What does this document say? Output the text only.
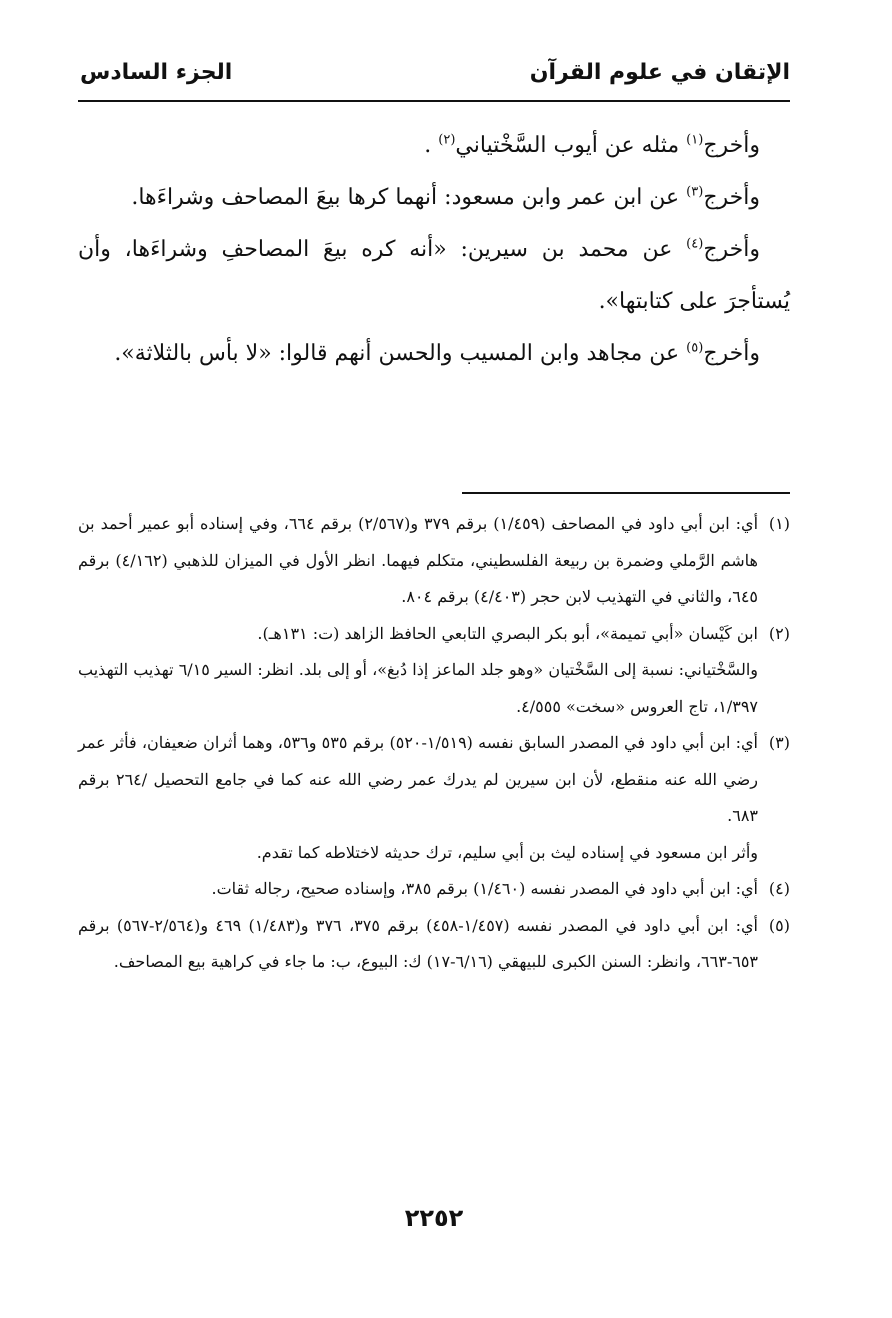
الإتقان في علوم القرآن
الجزء السادس

وأخرج$^{(١)}$ مثله عن أيوب السَّخْتياني$^{(٢)}$ .

وأخرج$^{(٣)}$ عن ابن عمر وابن مسعود: أنهما كرها بيعَ المصاحف وشراءَها.

وأخرج$^{(٤)}$ عن محمد بن سيرين: «أنه كره بيعَ المصاحفِ وشراءَها، وأن يُستأجرَ على كتابتها».

وأخرج$^{(٥)}$ عن مجاهد وابن المسيب والحسن أنهم قالوا: «لا بأس بالثلاثة».

(١)
أي: ابن أبي داود في المصاحف (١/٤٥٩) برقم ٣٧٩ و(٢/٥٦٧) برقم ٦٦٤، وفي إسناده أبو عمير أحمد بن هاشم الرَّملي وضمرة بن ربيعة الفلسطيني، متكلم فيهما. انظر الأول في الميزان للذهبي (٤/١٦٢) برقم ٦٤٥، والثاني في التهذيب لابن حجر (٤/٤٠٣) برقم ٨٠٤.
(٢)
ابن كَيْسان «أبي تميمة»، أبو بكر البصري التابعي الحافظ الزاهد (ت: ١٣١هـ).
والسَّخْتياني: نسبة إلى السَّخْتيان «وهو جلد الماعز إذا دُبغ»، أو إلى بلد. انظر: السير ٦/١٥ تهذيب التهذيب ١/٣٩٧، تاج العروس «سخت» ٤/٥٥٥.
(٣)
أي: ابن أبي داود في المصدر السابق نفسه (١/٥١٩-٥٢٠) برقم ٥٣٥ و٥٣٦، وهما أثران ضعيفان، فأثر عمر رضي الله عنه منقطع، لأن ابن سيرين لم يدرك عمر رضي الله عنه كما في جامع التحصيل /٢٦٤ برقم ٦٨٣.
وأثر ابن مسعود في إسناده ليث بن أبي سليم، ترك حديثه لاختلاطه كما تقدم.
(٤)
أي: ابن أبي داود في المصدر نفسه (١/٤٦٠) برقم ٣٨٥، وإسناده صحيح، رجاله ثقات.
(٥)
أي: ابن أبي داود في المصدر نفسه (١/٤٥٧-٤٥٨) برقم ٣٧٥، ٣٧٦ و(١/٤٨٣) ٤٦٩ و(٢/٥٦٤-٥٦٧) برقم ٦٥٣-٦٦٣، وانظر: السنن الكبرى للبيهقي (٦/١٦-١٧) ك: البيوع، ب: ما جاء في كراهية بيع المصاحف.
٢٢٥٢
